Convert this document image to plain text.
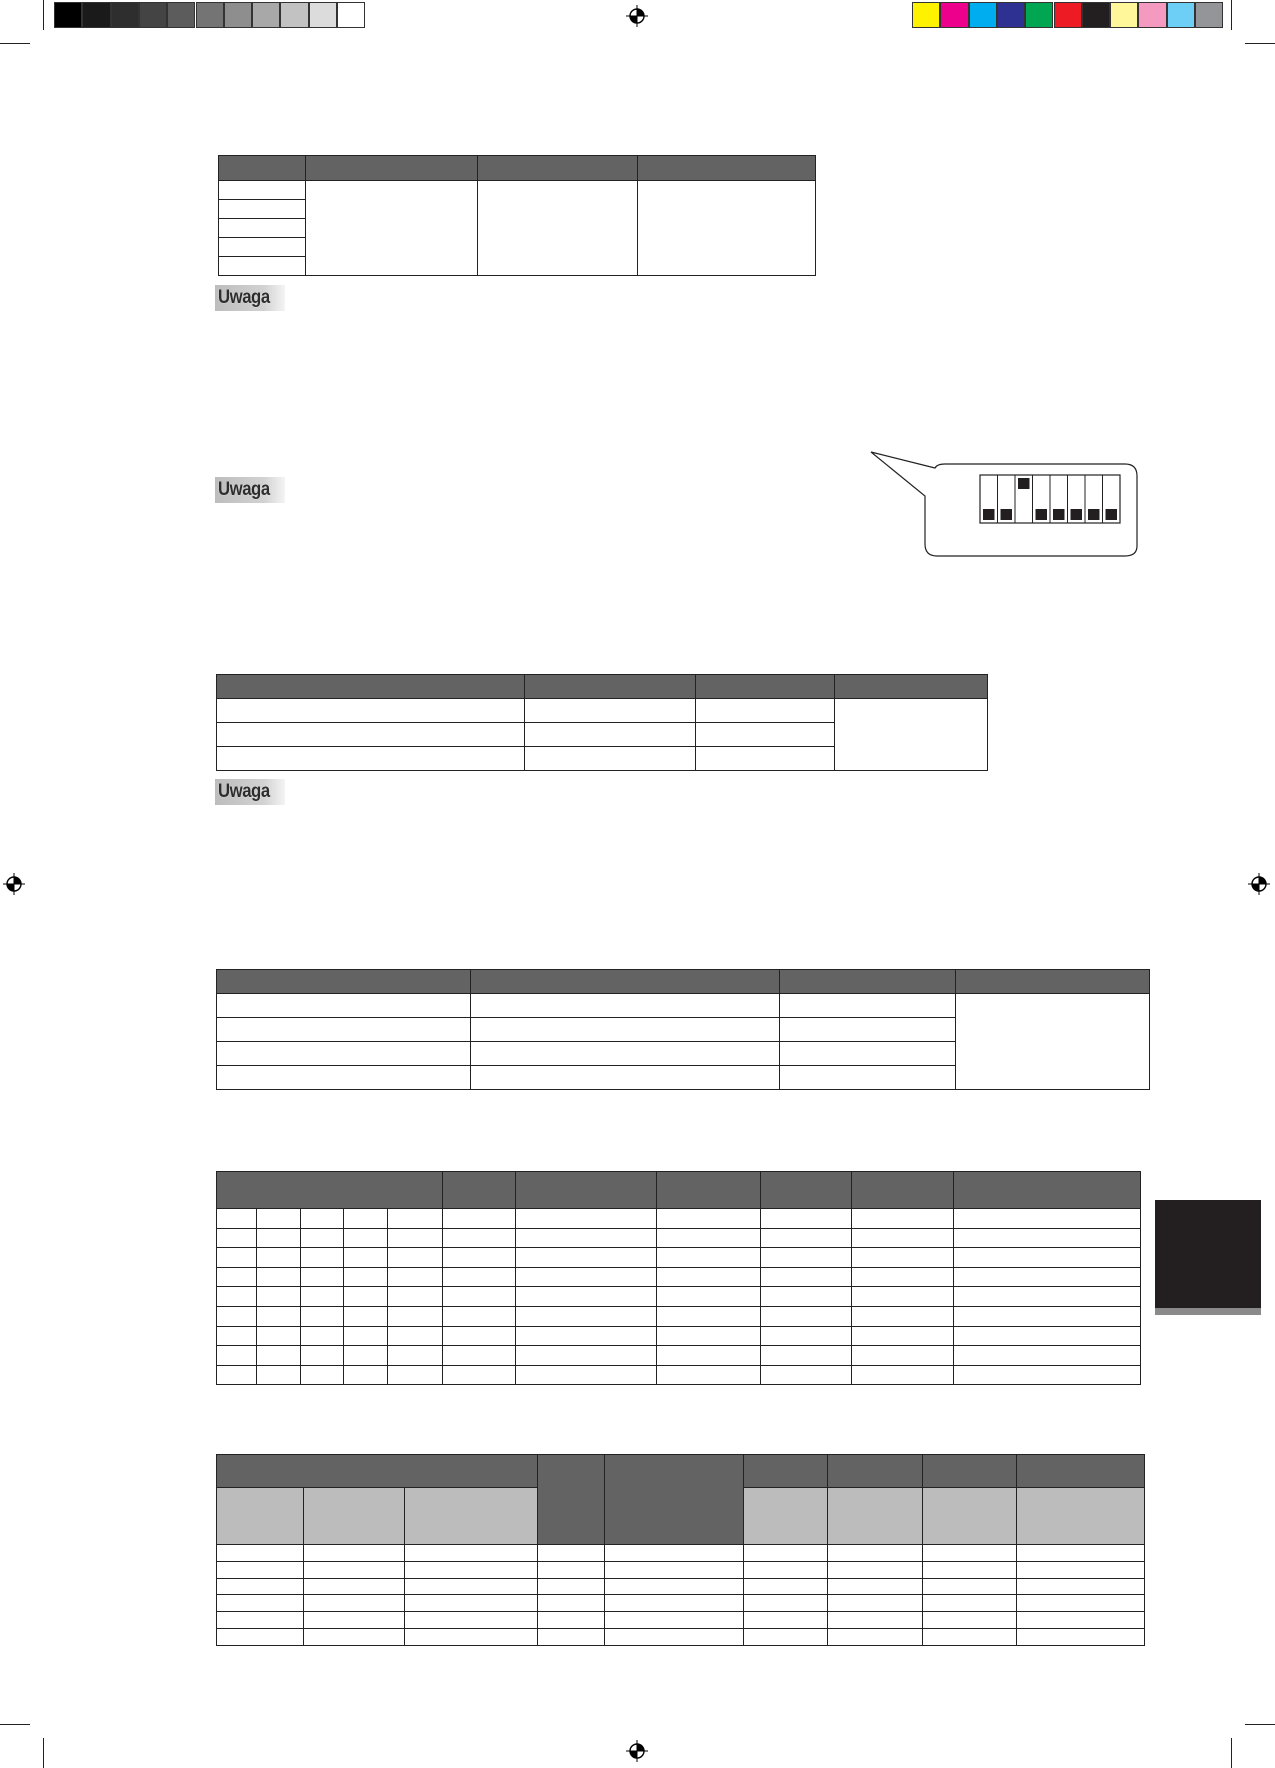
Uwaga
Uwaga

Uwaga
